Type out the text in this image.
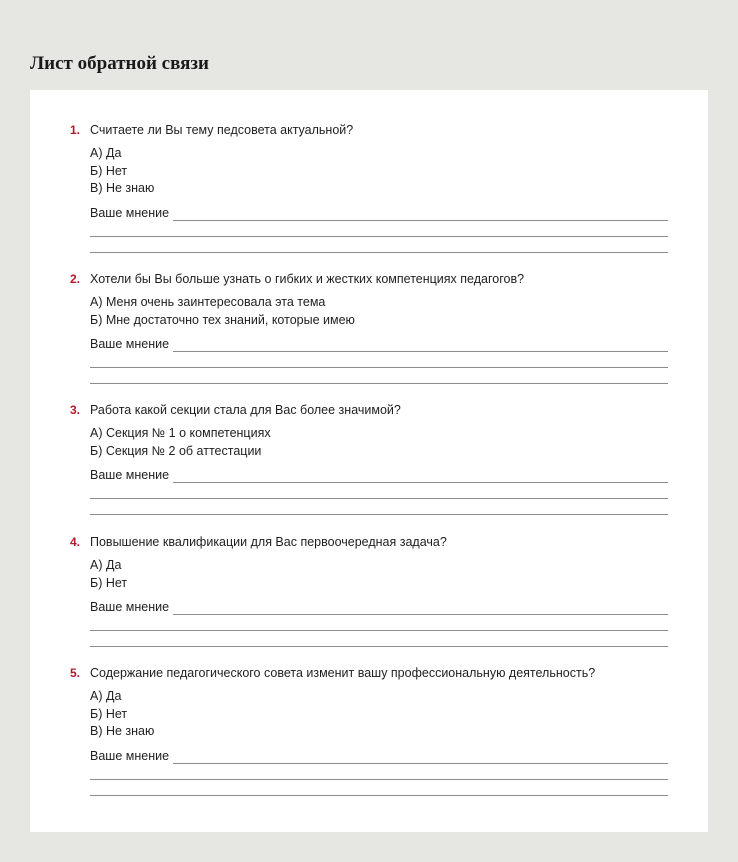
Лист обратной связи
1. Считаете ли Вы тему педсовета актуальной?
А) Да
Б) Нет
В) Не знаю
Ваше мнение
2. Хотели бы Вы больше узнать о гибких и жестких компетенциях педагогов?
А) Меня очень заинтересовала эта тема
Б) Мне достаточно тех знаний, которые имею
Ваше мнение
3. Работа какой секции стала для Вас более значимой?
А) Секция № 1 о компетенциях
Б) Секция № 2 об аттестации
Ваше мнение
4. Повышение квалификации для Вас первоочередная задача?
А) Да
Б) Нет
Ваше мнение
5. Содержание педагогического совета изменит вашу профессиональную деятельность?
А) Да
Б) Нет
В) Не знаю
Ваше мнение
